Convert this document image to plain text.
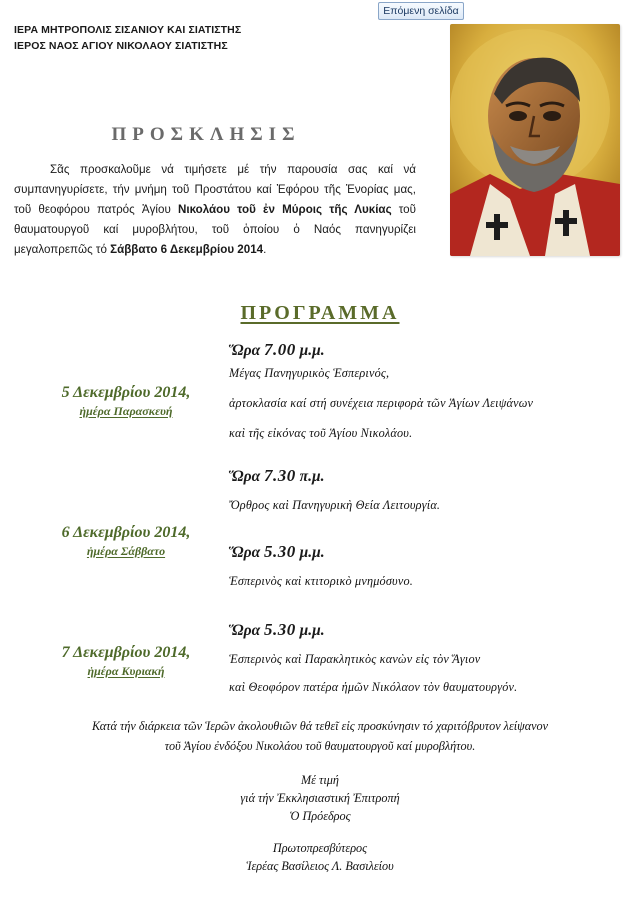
ΙΕΡΑ ΜΗΤΡΟΠΟΛΙΣ ΣΙΣΑΝΙΟΥ ΚΑΙ ΣΙΑΤΙΣΤΗΣ
ΙΕΡΟΣ ΝΑΟΣ ΑΓΙΟΥ ΝΙΚΟΛΑΟΥ ΣΙΑΤΙΣΤΗΣ
Επόμενη σελίδα
ΠΡΟΣΚΛΗΣΙΣ
Σᾶς προσκαλοῦμε νά τιμήσετε μέ τήν παρουσία σας καί νά συμπανηγυρίσετε, τήν μνήμη τοῦ Προστάτου καί Ἐφόρου τῆς Ἐνορίας μας, τοῦ θεοφόρου πατρός Ἁγίου Νικολάου τοῦ ἐν Μύροις τῆς Λυκίας τοῦ θαυματουργοῦ καί μυροβλήτου, τοῦ ὁποίου ὁ Ναός πανηγυρίζει μεγαλοπρεπῶς τό Σάββατο 6 Δεκεμβρίου 2014.
ΠΡΟΓΡΑΜΜΑ
5 Δεκεμβρίου 2014,
ἡμέρα Παρασκευή
Ὥρα 7.00 μ.μ.
Μέγας Πανηγυρικὸς Ἑσπερινός,
ἀρτοκλασία καί στή συνέχεια περιφορὰ τῶν Ἁγίων Λειψάνων
καὶ τῆς εἰκόνας τοῦ Ἁγίου Νικολάου.
Ὥρα 7.30 π.μ.
Ὄρθρος καὶ Πανηγυρικὴ Θεία Λειτουργία.
6 Δεκεμβρίου 2014,
ἡμέρα Σάββατο	Ὥρα 5.30 μ.μ.
Ἑσπερινὸς καὶ κτιτορικὸ μνημόσυνο.
Ὥρα 5.30 μ.μ.
7 Δεκεμβρίου 2014,
ἡμέρα Κυριακή
Ἑσπερινὸς καὶ Παρακλητικὸς κανὼν εἰς τὸν Ἅγιον
καὶ Θεοφόρον πατέρα ἡμῶν Νικόλαον τὸν θαυματουργόν.
Κατά τήν διάρκεια τῶν Ἱερῶν ἀκολουθιῶν θά τεθεῖ εἰς προσκύνησιν τό χαριτόβρυτον λείψανον
τοῦ Ἁγίου ἐνδόξου Νικολάου τοῦ θαυματουργοῦ καί μυροβλήτου.
Μέ τιμή
γιά τήν Ἐκκλησιαστική Ἐπιτροπή
Ὁ Πρόεδρος
Πρωτοπρεσβύτερος
Ἱερέας Βασίλειος Λ. Βασιλείου
